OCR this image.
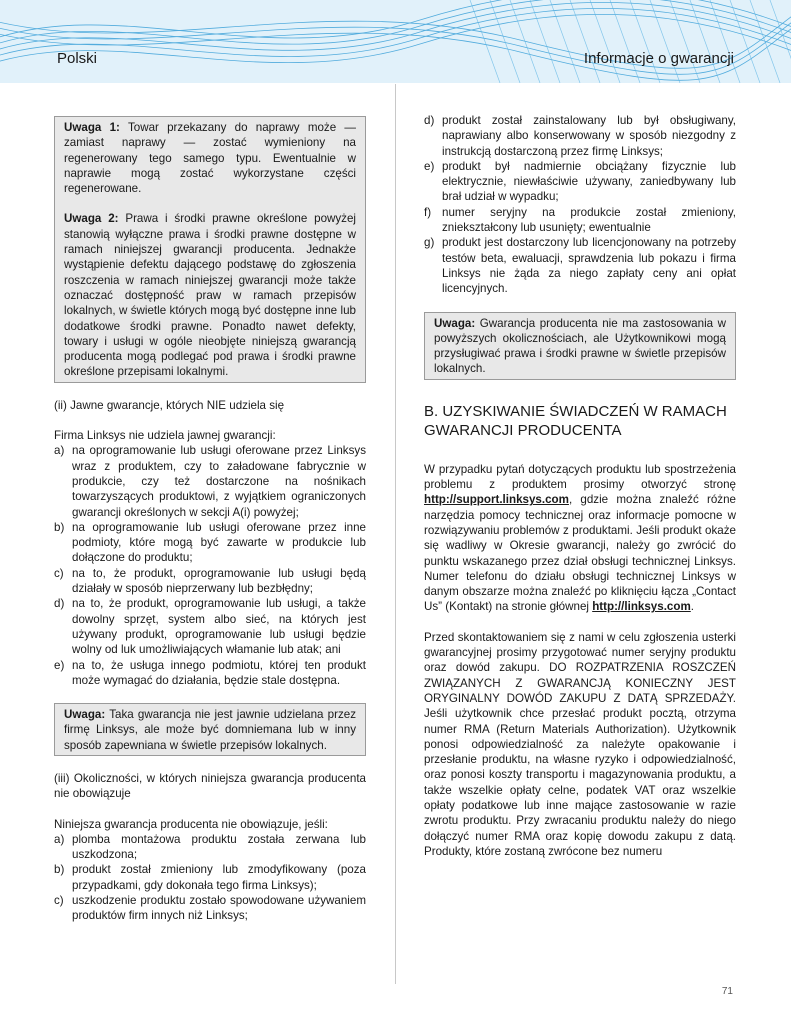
Polski	Informacje o gwarancji

Uwaga 1: Towar przekazany do naprawy może — zamiast naprawy — zostać wymieniony na regenerowany tego samego typu. Ewentualnie w naprawie mogą zostać wykorzystane części regenerowane.

Uwaga 2: Prawa i środki prawne określone powyżej stanowią wyłączne prawa i środki prawne dostępne w ramach niniejszej gwarancji producenta. Jednakże wystąpienie defektu dającego podstawę do zgłoszenia roszczenia w ramach niniejszej gwarancji może także oznaczać dostępność praw w ramach przepisów lokalnych, w świetle których mogą być dostępne inne lub dodatkowe środki prawne. Ponadto nawet defekty, towary i usługi w ogóle nieobjęte niniejszą gwarancją producenta mogą podlegać pod prawa i środki prawne określone przepisami lokalnymi.

(ii) Jawne gwarancje, których NIE udziela się

Firma Linksys nie udziela jawnej gwarancji:

a) na oprogramowanie lub usługi oferowane przez Linksys wraz z produktem, czy to załadowane fabrycznie w produkcie, czy też dostarczone na nośnikach towarzyszących produktowi, z wyjątkiem ograniczonych gwarancji określonych w sekcji A(i) powyżej;
b) na oprogramowanie lub usługi oferowane przez inne podmioty, które mogą być zawarte w produkcie lub dołączone do produktu;
c) na to, że produkt, oprogramowanie lub usługi będą działały w sposób nieprzerwany lub bezbłędny;
d) na to, że produkt, oprogramowanie lub usługi, a także dowolny sprzęt, system albo sieć, na których jest używany produkt, oprogramowanie lub usługi będzie wolny od luk umożliwiających włamanie lub atak; ani
e) na to, że usługa innego podmiotu, której ten produkt może wymagać do działania, będzie stale dostępna.

Uwaga: Taka gwarancja nie jest jawnie udzielana przez firmę Linksys, ale może być domniemana lub w inny sposób zapewniana w świetle przepisów lokalnych.

(iii) Okoliczności, w których niniejsza gwarancja producenta nie obowiązuje

Niniejsza gwarancja producenta nie obowiązuje, jeśli:

a) plomba montażowa produktu została zerwana lub uszkodzona;
b) produkt został zmieniony lub zmodyfikowany (poza przypadkami, gdy dokonała tego firma Linksys);
c) uszkodzenie produktu zostało spowodowane używaniem produktów firm innych niż Linksys;
d) produkt został zainstalowany lub był obsługiwany, naprawiany albo konserwowany w sposób niezgodny z instrukcją dostarczoną przez firmę Linksys;
e) produkt był nadmiernie obciążany fizycznie lub elektrycznie, niewłaściwie używany, zaniedbywany lub brał udział w wypadku;
f) numer seryjny na produkcie został zmieniony, zniekształcony lub usunięty; ewentualnie
g) produkt jest dostarczony lub licencjonowany na potrzeby testów beta, ewaluacji, sprawdzenia lub pokazu i firma Linksys nie żąda za niego zapłaty ceny ani opłat licencyjnych.

Uwaga: Gwarancja producenta nie ma zastosowania w powyższych okolicznościach, ale Użytkownikowi mogą przysługiwać prawa i środki prawne w świetle przepisów lokalnych.

B. UZYSKIWANIE ŚWIADCZEŃ W RAMACH
GWARANCJI PRODUCENTA

W przypadku pytań dotyczących produktu lub spostrzeżenia problemu z produktem prosimy otworzyć stronę http://support.linksys.com, gdzie można znaleźć różne narzędzia pomocy technicznej oraz informacje pomocne w rozwiązywaniu problemów z produktami. Jeśli produkt okaże się wadliwy w Okresie gwarancji, należy go zwrócić do punktu wskazanego przez dział obsługi technicznej Linksys. Numer telefonu do działu obsługi technicznej Linksys w danym obszarze można znaleźć po kliknięciu łącza „Contact Us” (Kontakt) na stronie głównej http://linksys.com.

Przed skontaktowaniem się z nami w celu zgłoszenia usterki gwarancyjnej prosimy przygotować numer seryjny produktu oraz dowód zakupu. DO ROZPATRZENIA ROSZCZEŃ ZWIĄZANYCH Z GWARANCJĄ KONIECZNY JEST ORYGINALNY DOWÓD ZAKUPU Z DATĄ SPRZEDAŻY. Jeśli użytkownik chce przesłać produkt pocztą, otrzyma numer RMA (Return Materials Authorization). Użytkownik ponosi odpowiedzialność za należyte opakowanie i przesłanie produktu, na własne ryzyko i odpowiedzialność, oraz ponosi koszty transportu i magazynowania produktu, a także wszelkie opłaty celne, podatek VAT oraz wszelkie opłaty podatkowe lub inne mające zastosowanie w razie zwrotu produktu. Przy zwracaniu produktu należy do niego dołączyć numer RMA oraz kopię dowodu zakupu z datą. Produkty, które zostaną zwrócone bez numeru

71
